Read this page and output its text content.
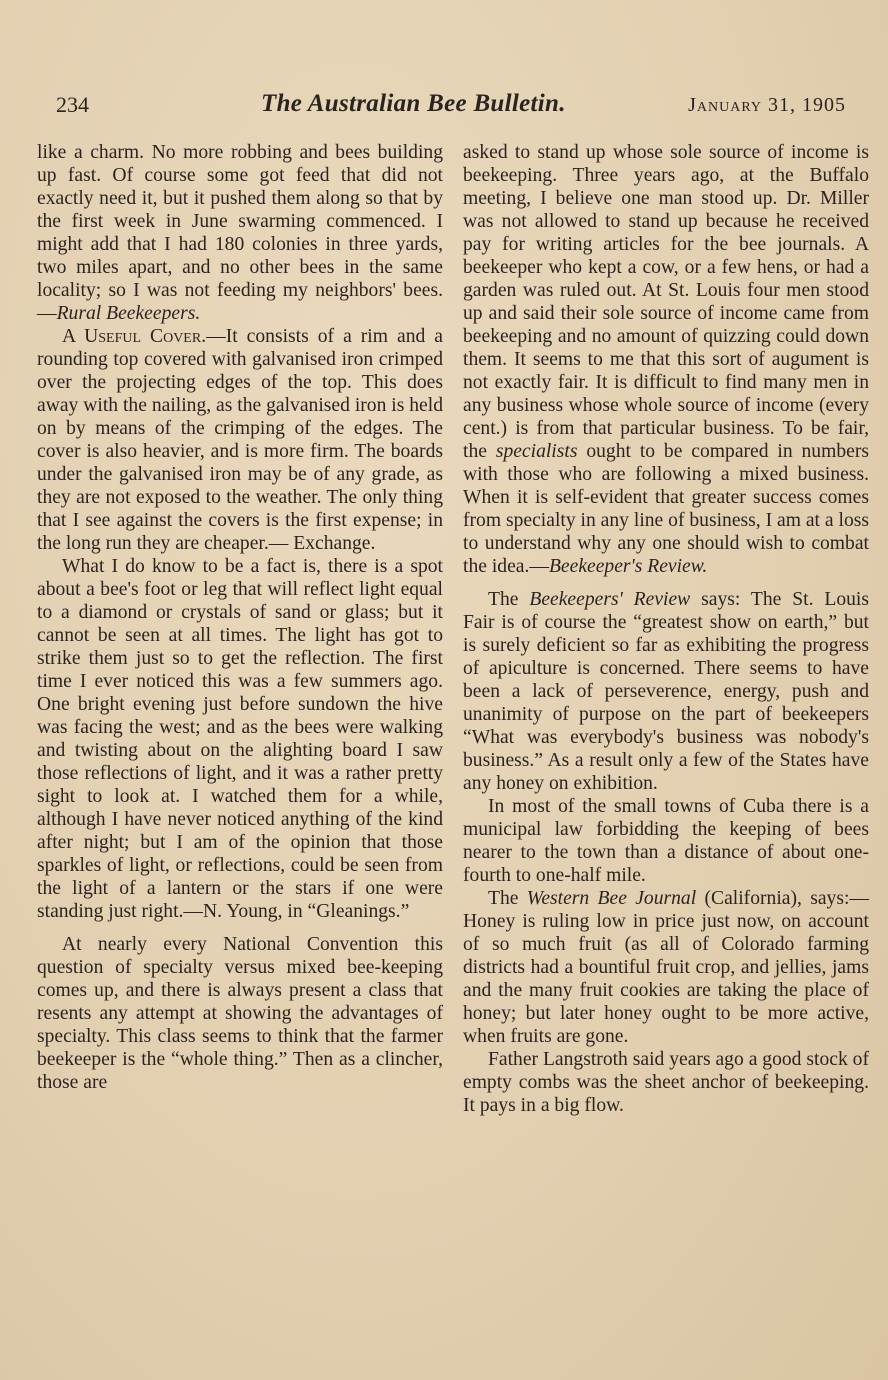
234	The Australian Bee Bulletin.	January 31, 1905

like a charm. No more robbing and bees building up fast. Of course some got feed that did not exactly need it, but it pushed them along so that by the first week in June swarming commenced. I might add that I had 180 colonies in three yards, two miles apart, and no other bees in the same locality; so I was not feeding my neighbors' bees.—Rural Beekeepers.

A Useful Cover.—It consists of a rim and a rounding top covered with galvanised iron crimped over the projecting edges of the top. This does away with the nailing, as the galvanised iron is held on by means of the crimping of the edges. The cover is also heavier, and is more firm. The boards under the galvanised iron may be of any grade, as they are not exposed to the weather. The only thing that I see against the covers is the first expense; in the long run they are cheaper.— Exchange.

What I do know to be a fact is, there is a spot about a bee's foot or leg that will reflect light equal to a diamond or crystals of sand or glass; but it cannot be seen at all times. The light has got to strike them just so to get the reflection. The first time I ever noticed this was a few summers ago. One bright evening just before sundown the hive was facing the west; and as the bees were walking and twisting about on the alighting board I saw those reflections of light, and it was a rather pretty sight to look at. I watched them for a while, although I have never noticed anything of the kind after night; but I am of the opinion that those sparkles of light, or reflections, could be seen from the light of a lantern or the stars if one were standing just right.—N. Young, in “Gleanings.”

At nearly every National Convention this question of specialty versus mixed bee-keeping comes up, and there is always present a class that resents any attempt at showing the advantages of specialty. This class seems to think that the farmer beekeeper is the “whole thing.” Then as a clincher, those are

asked to stand up whose sole source of income is beekeeping. Three years ago, at the Buffalo meeting, I believe one man stood up. Dr. Miller was not allowed to stand up because he received pay for writing articles for the bee journals. A beekeeper who kept a cow, or a few hens, or had a garden was ruled out. At St. Louis four men stood up and said their sole source of income came from beekeeping and no amount of quizzing could down them. It seems to me that this sort of augument is not exactly fair. It is difficult to find many men in any business whose whole source of income (every cent.) is from that particular business. To be fair, the specialists ought to be compared in numbers with those who are following a mixed business. When it is self-evident that greater success comes from specialty in any line of business, I am at a loss to understand why any one should wish to combat the idea.—Beekeeper's Review.

The Beekeepers' Review says: The St. Louis Fair is of course the “greatest show on earth,” but is surely deficient so far as exhibiting the progress of apiculture is concerned. There seems to have been a lack of perseverence, energy, push and unanimity of purpose on the part of beekeepers “What was everybody's business was nobody's business.” As a result only a few of the States have any honey on exhibition.

In most of the small towns of Cuba there is a municipal law forbidding the keeping of bees nearer to the town than a distance of about one-fourth to one-half mile.

The Western Bee Journal (California), says:—Honey is ruling low in price just now, on account of so much fruit (as all of Colorado farming districts had a bountiful fruit crop, and jellies, jams and the many fruit cookies are taking the place of honey; but later honey ought to be more active, when fruits are gone.

Father Langstroth said years ago a good stock of empty combs was the sheet anchor of beekeeping. It pays in a big flow.
